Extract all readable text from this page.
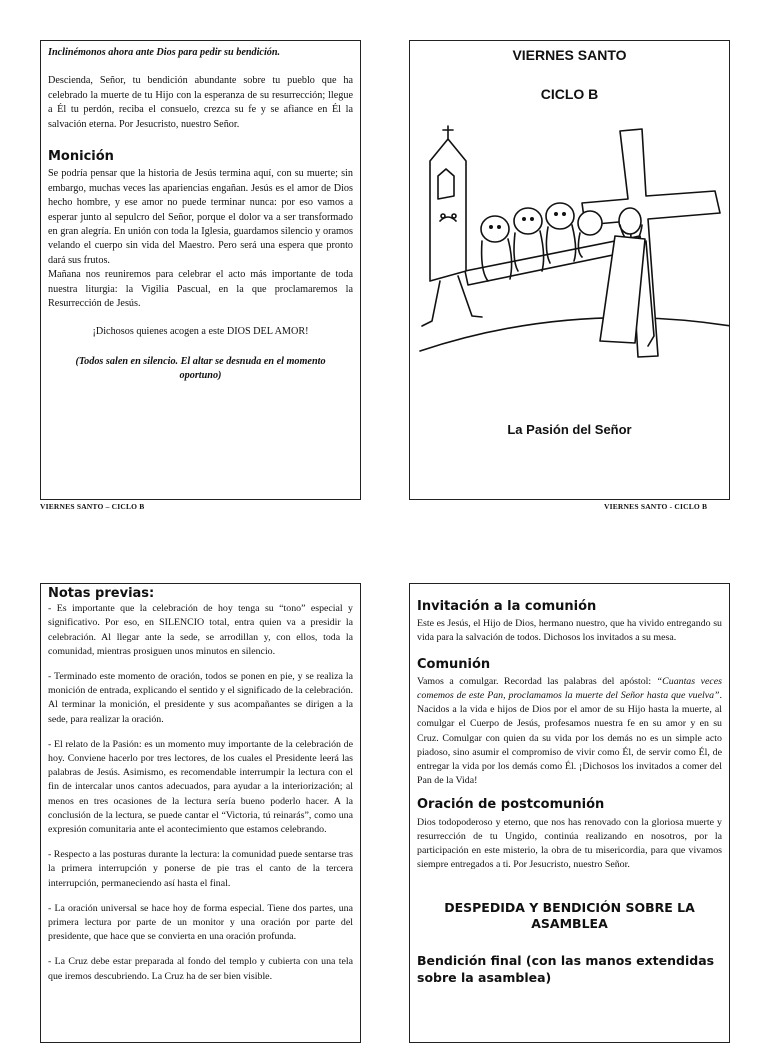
Inclinémonos ahora ante Dios para pedir su bendición.

Descienda, Señor, tu bendición abundante sobre tu pueblo que ha celebrado la muerte de tu Hijo con la esperanza de su resurrección; llegue a Él tu perdón, reciba el consuelo, crezca su fe y se afiance en Él la salvación eterna. Por Jesucristo, nuestro Señor.

Monición
Se podría pensar que la historia de Jesús termina aquí, con su muerte; sin embargo, muchas veces las apariencias engañan. Jesús es el amor de Dios hecho hombre, y ese amor no puede terminar nunca: por eso vamos a esperar junto al sepulcro del Señor, porque el dolor va a ser transformado en gran alegría. En unión con toda la Iglesia, guardamos silencio y oramos velando el cuerpo sin vida del Maestro. Pero será una espera que pronto dará sus frutos.

Mañana nos reuniremos para celebrar el acto más importante de toda nuestra liturgia: la Vigilia Pascual, en la que proclamaremos la Resurrección de Jesús.

¡Dichosos quienes acogen a este DIOS DEL AMOR!

(Todos salen en silencio. El altar se desnuda en el momento oportuno)

VIERNES SANTO – CICLO B
VIERNES SANTO
CICLO B
La Pasión del Señor
VIERNES SANTO - CICLO B
Notas previas:

- Es importante que la celebración de hoy tenga su “tono” especial y significativo. Por eso, en SILENCIO total, entra quien va a presidir la celebración. Al llegar ante la sede, se arrodillan y, con ellos, toda la comunidad, mientras prosiguen unos minutos en silencio.

- Terminado este momento de oración, todos se ponen en pie, y se realiza la monición de entrada, explicando el sentido y el significado de la celebración. Al terminar la monición, el presidente y sus acompañantes se dirigen a la sede, para realizar la oración.

- El relato de la Pasión: es un momento muy importante de la celebración de hoy. Conviene hacerlo por tres lectores, de los cuales el Presidente leerá las palabras de Jesús. Asimismo, es recomendable interrumpir la lectura con el fin de intercalar unos cantos adecuados, para ayudar a la interiorización; al menos en tres ocasiones de la lectura sería bueno poderlo hacer. A la conclusión de la lectura, se puede cantar el “Victoria, tú reinarás”, como una expresión comunitaria ante el acontecimiento que estamos celebrando.

- Respecto a las posturas durante la lectura: la comunidad puede sentarse tras la primera interrupción y ponerse de pie tras el canto de la tercera interrupción, permaneciendo así hasta el final.

- La oración universal se hace hoy de forma especial. Tiene dos partes, una primera lectura por parte de un monitor y una oración por parte del presidente, que hace que se convierta en una oración profunda.

- La Cruz debe estar preparada al fondo del templo y cubierta con una tela que iremos descubriendo. La Cruz ha de ser bien visible.

Invitación a la comunión

Este es Jesús, el Hijo de Dios, hermano nuestro, que ha vivido entregando su vida para la salvación de todos. Dichosos los invitados a su mesa.

Comunión

Vamos a comulgar. Recordad las palabras del apóstol: “Cuantas veces comemos de este Pan, proclamamos la muerte del Señor hasta que vuelva”. Nacidos a la vida e hijos de Dios por el amor de su Hijo hasta la muerte, al comulgar el Cuerpo de Jesús, profesamos nuestra fe en su amor y en su Cruz. Comulgar con quien da su vida por los demás no es un simple acto piadoso, sino asumir el compromiso de vivir como Él, de servir como Él, de entregar la vida por los demás como Él. ¡Dichosos los invitados a comer del Pan de la Vida!

Oración de postcomunión

Dios todopoderoso y eterno, que nos has renovado con la gloriosa muerte y resurrección de tu Ungido, continúa realizando en nosotros, por la participación en este misterio, la obra de tu misericordia, para que vivamos siempre entregados a ti. Por Jesucristo, nuestro Señor.

DESPEDIDA Y BENDICIÓN SOBRE LA ASAMBLEA
Bendición final (con las manos extendidas sobre la asamblea)
